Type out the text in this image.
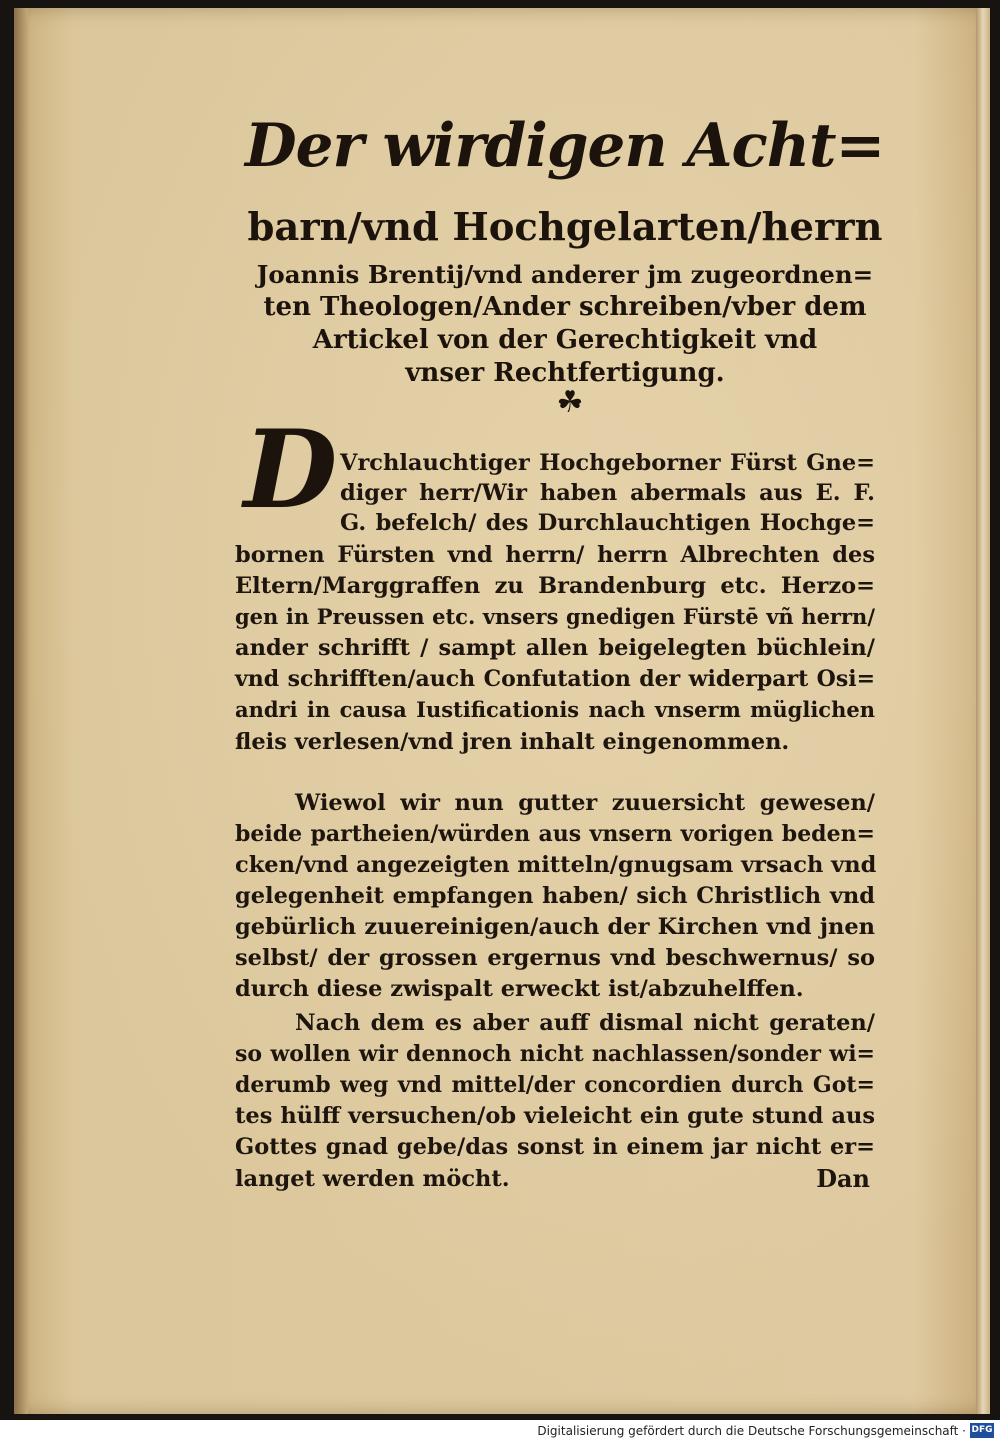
Der wirdigen Acht=
barn/vnd Hochgelarten/herrn
Joannis Brentij/vnd anderer jm zugeordnen=
ten Theologen/Ander schreiben/vber dem
Artickel von der Gerechtigkeit vnd
vnser Rechtfertigung.
☘
D Vrchlauchtiger Hochgeborner Fürst Gne=
diger herr/Wir haben abermals aus E. F.
G. befelch/ des Durchlauchtigen Hochge=
bornen Fürsten vnd herrn/ herrn Albrechten des
Eltern/Marggraffen zu Brandenburg etc. Herzo=
gen in Preussen etc. vnsers gnedigen Fürstē vñ herrn/
ander schrifft / sampt allen beigelegten büchlein/
vnd schrifften/auch Confutation der widerpart Osi=
andri in causa Iustificationis nach vnserm müglichen
fleis verlesen/vnd jren inhalt eingenommen.
Wiewol wir nun gutter zuuersicht gewesen/
beide partheien/würden aus vnsern vorigen beden=
cken/vnd angezeigten mitteln/gnugsam vrsach vnd
gelegenheit empfangen haben/ sich Christlich vnd
gebürlich zuuereinigen/auch der Kirchen vnd jnen
selbst/ der grossen ergernus vnd beschwernus/ so
durch diese zwispalt erweckt ist/abzuhelffen.
Nach dem es aber auff dismal nicht geraten/
so wollen wir dennoch nicht nachlassen/sonder wi=
derumb weg vnd mittel/der concordien durch Got=
tes hülff versuchen/ob vieleicht ein gute stund aus
Gottes gnad gebe/das sonst in einem jar nicht er=
langet werden möcht.	Dan
Digitalisierung gefördert durch die Deutsche Forschungsgemeinschaft · DFG
